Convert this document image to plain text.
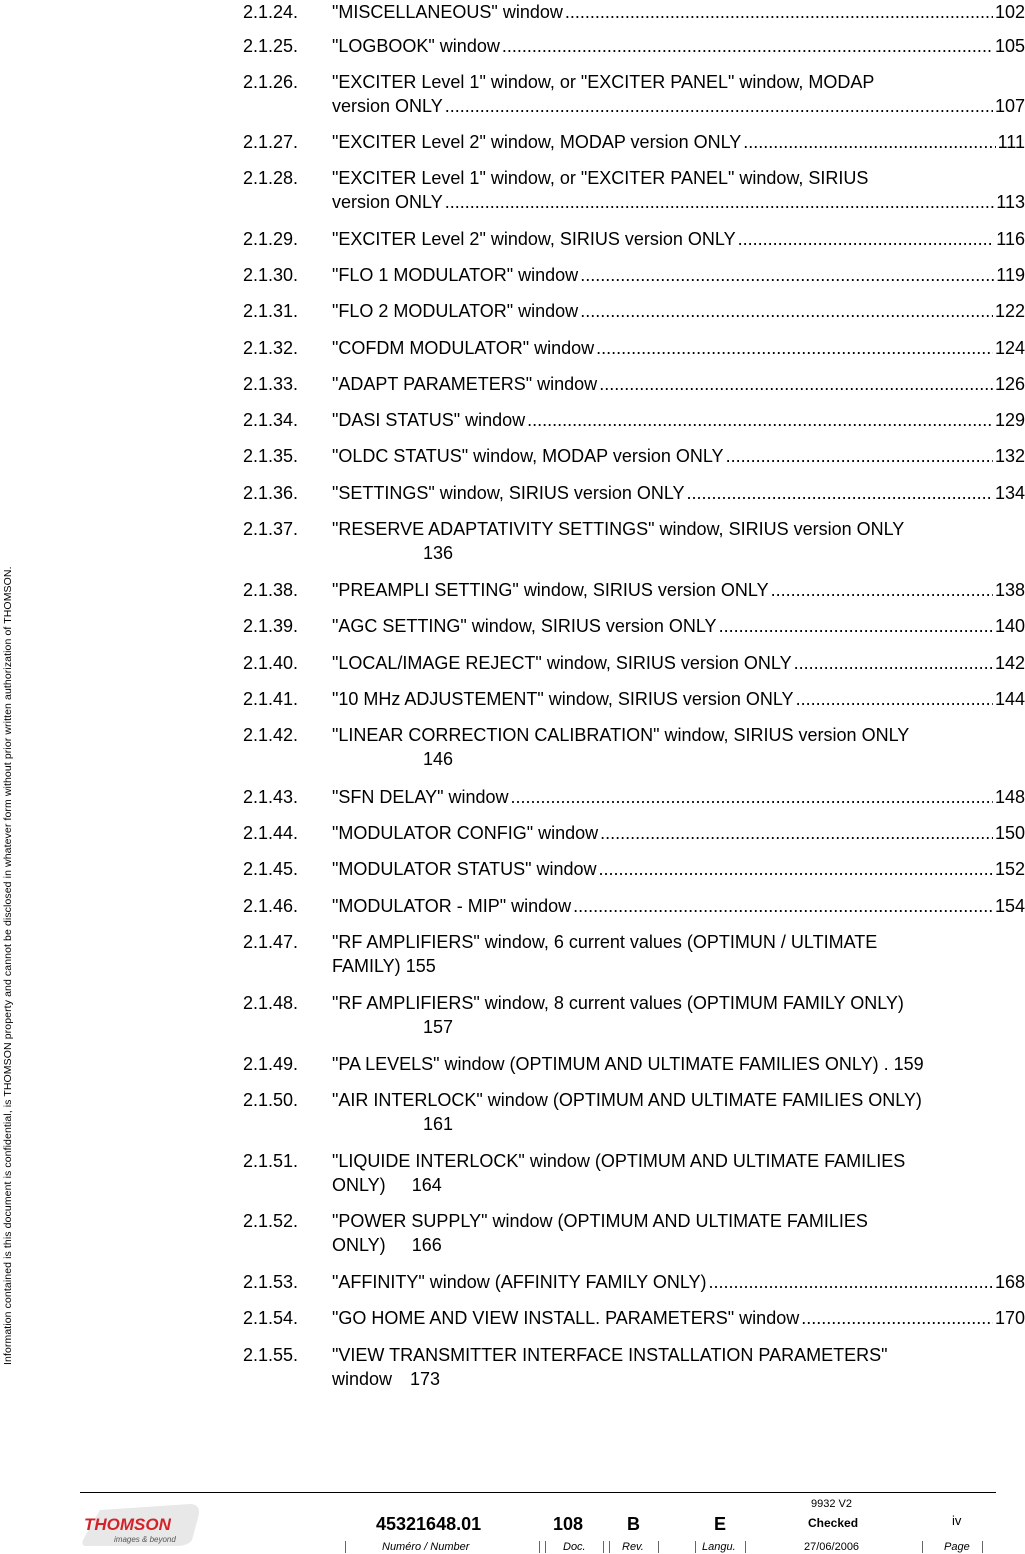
Information contained is this document is confidential, is THOMSON property and cannot be disclosed in whatever form without prior written authorization of THOMSON.
2.1.24. "MISCELLANEOUS" window .....	102
2.1.25. "LOGBOOK" window .....	105
2.1.26. "EXCITER Level 1" window, or "EXCITER PANEL" window, MODAP
version ONLY .....	107
2.1.27. "EXCITER Level 2" window, MODAP version ONLY .....	111
2.1.28. "EXCITER Level 1" window, or "EXCITER PANEL" window, SIRIUS
version ONLY .....	113
2.1.29. "EXCITER Level 2" window, SIRIUS version ONLY .....	116
2.1.30. "FLO 1 MODULATOR" window .....	119
2.1.31. "FLO 2 MODULATOR" window .....	122
2.1.32. "COFDM MODULATOR" window .....	124
2.1.33. "ADAPT PARAMETERS" window .....	126
2.1.34. "DASI STATUS" window .....	129
2.1.35. "OLDC STATUS" window, MODAP version ONLY .....	132
2.1.36. "SETTINGS" window, SIRIUS version ONLY .....	134
2.1.37. "RESERVE ADAPTATIVITY SETTINGS" window, SIRIUS version ONLY
136
2.1.38. "PREAMPLI SETTING" window, SIRIUS version ONLY .....	138
2.1.39. "AGC SETTING" window, SIRIUS version ONLY .....	140
2.1.40. "LOCAL/IMAGE REJECT" window, SIRIUS version ONLY .....	142
2.1.41. "10 MHz ADJUSTEMENT" window, SIRIUS version ONLY .....	144
2.1.42. "LINEAR CORRECTION CALIBRATION" window, SIRIUS version ONLY
146
2.1.43. "SFN DELAY" window .....	148
2.1.44. "MODULATOR CONFIG" window .....	150
2.1.45. "MODULATOR STATUS" window .....	152
2.1.46. "MODULATOR - MIP" window .....	154
2.1.47. "RF AMPLIFIERS" window, 6 current values (OPTIMUN / ULTIMATE
FAMILY) 155
2.1.48. "RF AMPLIFIERS" window, 8 current values (OPTIMUM FAMILY ONLY)
157
2.1.49. "PA LEVELS" window (OPTIMUM AND ULTIMATE FAMILIES ONLY) . 159
2.1.50. "AIR INTERLOCK" window (OPTIMUM AND ULTIMATE FAMILIES ONLY)
161
2.1.51. "LIQUIDE INTERLOCK" window (OPTIMUM AND ULTIMATE FAMILIES
ONLY) 164
2.1.52. "POWER SUPPLY" window (OPTIMUM AND ULTIMATE FAMILIES
ONLY) 166
2.1.53. "AFFINITY" window (AFFINITY FAMILY ONLY) .....	168
2.1.54. "GO HOME AND VIEW INSTALL. PARAMETERS" window .....	170
2.1.55. "VIEW TRANSMITTER INTERFACE INSTALLATION PARAMETERS"
window 173
THOMSON
images & beyond
45321648.01	108 B	E
9932 V2
Checked	iv
Numéro / Number	Doc.	Rev.	Langu.	27/06/2006	Page
